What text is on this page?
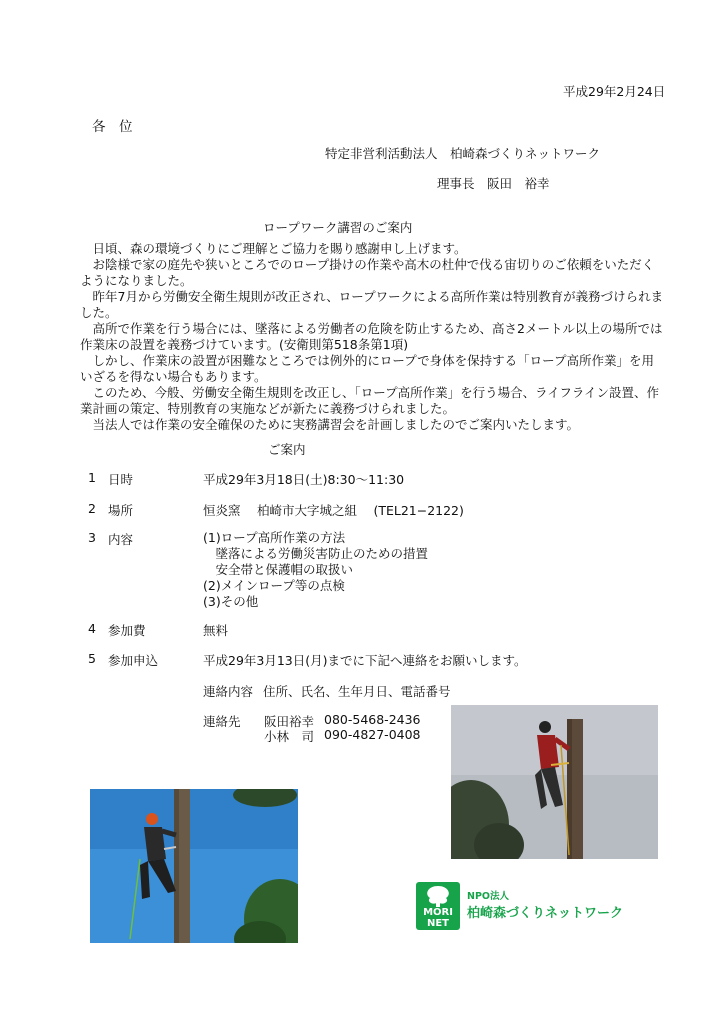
平成29年2月24日
各　位
特定非営利活動法人　柏崎森づくりネットワーク
理事長　阪田　裕幸
ロープワーク講習のご案内

日頃、森の環境づくりにご理解とご協力を賜り感謝申し上げます。

お陰様で家の庭先や狭いところでのロープ掛けの作業や高木の杜仲で伐る宙切りのご依頼をいただくようになりました。

昨年7月から労働安全衛生規則が改正され、ロープワークによる高所作業は特別教育が義務づけられました。

高所で作業を行う場合には、墜落による労働者の危険を防止するため、高さ2メートル以上の場所では作業床の設置を義務づけています。(安衛則第518条第1項)

しかし、作業床の設置が困難なところでは例外的にロープで身体を保持する「ロープ高所作業」を用いざるを得ない場合もあります。

このため、今般、労働安全衛生規則を改正し、「ロープ高所作業」を行う場合、ライフライン設置、作業計画の策定、特別教育の実施などが新たに義務づけられました。

当法人では作業の安全確保のために実務講習会を計画しましたのでご案内いたします。

ご案内
1 日時	平成29年3月18日(土)8:30〜11:30
2 場所	恒炎窯　 柏崎市大字城之組　 (TEL21−2122)
3 内容	(1)ロープ高所作業の方法
　墜落による労働災害防止のための措置
　安全帯と保護帽の取扱い
(2)メインロープ等の点検
(3)その他
4 参加費	無料
5 参加申込	平成29年3月13日(月)までに下記へ連絡をお願いします。
連絡内容 住所、氏名、生年月日、電話番号
連絡先 阪田裕幸 080-5468-2436
小林　司 090-4827-0408
MORI
NET
NPO法人
柏崎森づくりネットワーク
